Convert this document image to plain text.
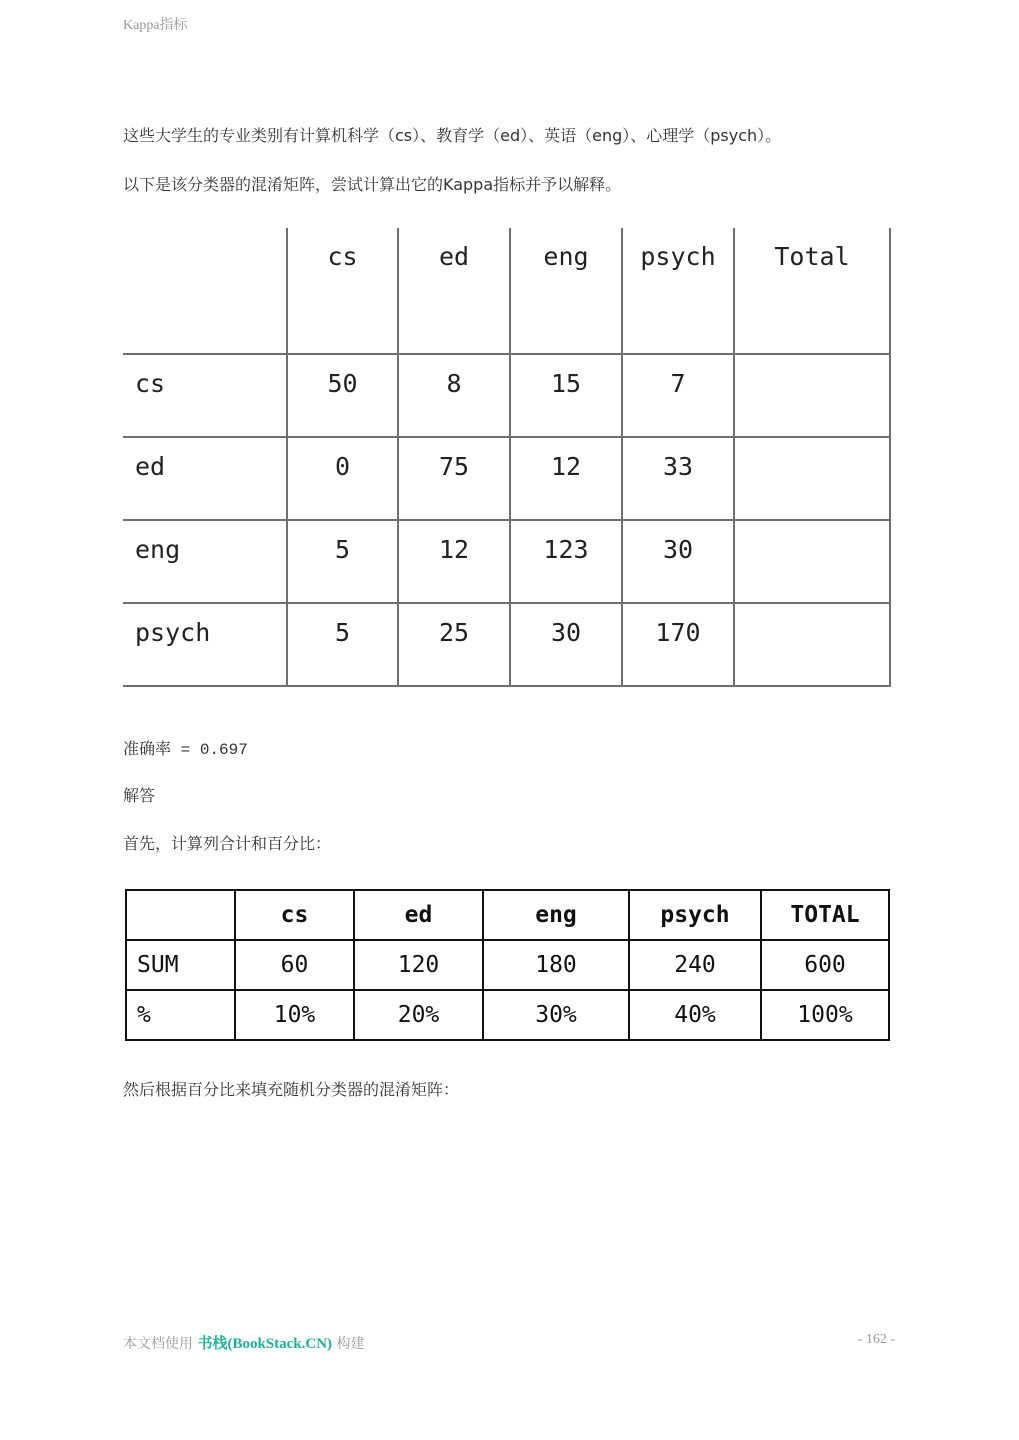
Kappa指标
这些大学生的专业类别有计算机科学（cs）、教育学（ed）、英语（eng）、心理学（psych）。
以下是该分类器的混淆矩阵，尝试计算出它的Kappa指标并予以解释。
	cs	ed	eng	psych	Total
cs	50	8	15	7	
ed	0	75	12	33	
eng	5	12	123	30	
psych	5	25	30	170	
准确率 = 0.697
解答
首先，计算列合计和百分比：
	cs	ed	eng	psych	TOTAL
SUM	60	120	180	240	600
%	10%	20%	30%	40%	100%
然后根据百分比来填充随机分类器的混淆矩阵：
本文档使用 书栈(BookStack.CN) 构建	- 162 -
